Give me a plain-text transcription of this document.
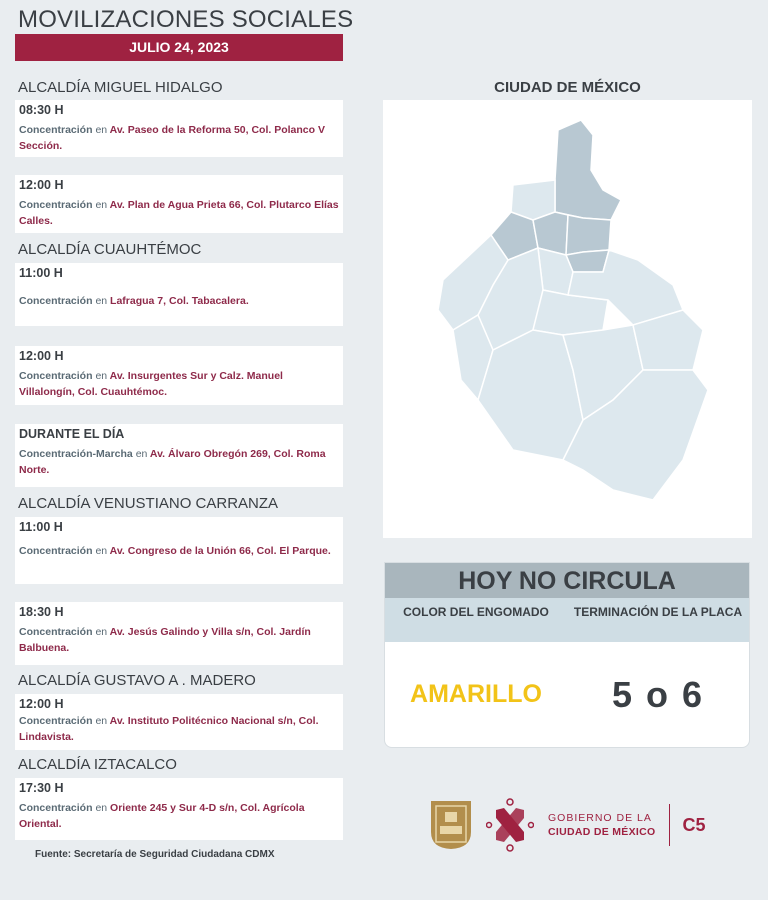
MOVILIZACIONES SOCIALES
JULIO 24, 2023
ALCALDÍA MIGUEL HIDALGO
08:30 H
Concentración en Av. Paseo de la Reforma 50, Col. Polanco V Sección.
12:00 H
Concentración en Av. Plan de Agua Prieta 66, Col. Plutarco Elías Calles.
ALCALDÍA CUAUHTÉMOC
11:00 H
Concentración en Lafragua 7, Col. Tabacalera.
12:00 H
Concentración en Av. Insurgentes Sur y Calz. Manuel Villalongín, Col. Cuauhtémoc.
DURANTE EL DÍA
Concentración-Marcha en Av. Álvaro Obregón 269, Col. Roma Norte.
ALCALDÍA VENUSTIANO CARRANZA
11:00 H
Concentración en Av. Congreso de la Unión 66, Col. El Parque.
18:30 H
Concentración en Av. Jesús Galindo y Villa s/n, Col. Jardín Balbuena.
ALCALDÍA GUSTAVO A . MADERO
12:00 H
Concentración en Av. Instituto Politécnico Nacional s/n, Col. Lindavista.
ALCALDÍA IZTACALCO
17:30 H
Concentración en Oriente 245 y Sur 4-D s/n, Col. Agrícola Oriental.
Fuente: Secretaría de Seguridad Ciudadana CDMX
CIUDAD DE MÉXICO
HOY NO CIRCULA
COLOR DEL ENGOMADO	TERMINACIÓN DE LA PLACA
AMARILLO	5 o 6
GOBIERNO DE LA
CIUDAD DE MÉXICO	C5
